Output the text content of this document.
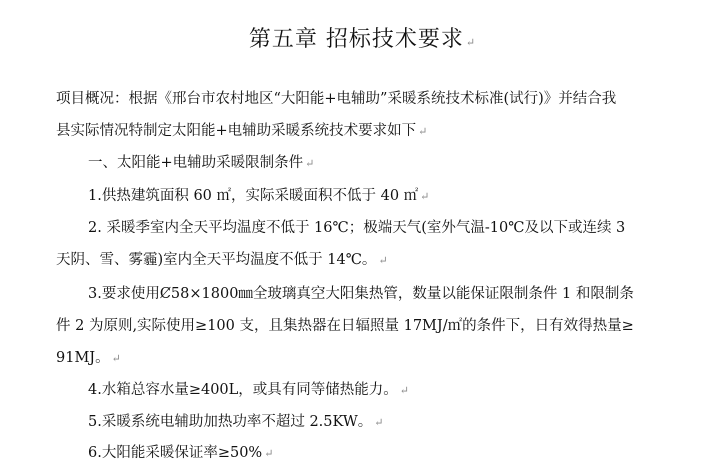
第五章 招标技术要求 ↵
项目概况：根据《邢台市农村地区“大阳能+电辅助”采暖系统技术标准(试行)》并结合我
县实际情况特制定太阳能+电辅助采暖系统技术要求如下 ↵
一、太阳能+电辅助采暖限制条件 ↵
1.供热建筑面积 60 ㎡，实际采暖面积不低于 40 ㎡ ↵
2. 采暖季室内全天平均温度不低于 16℃；极端天气(室外气温-10℃及以下或连续 3
天阴、雪、雾霾)室内全天平均温度不低于 14℃。 ↵
3.要求使用Ȼ58×1800㎜全玻璃真空大阳集热管，数量以能保证限制条件 1 和限制条
件 2 为原则,实际使用≥100 支，且集热器在日辐照量 17MJ/㎡的条件下，日有效得热量≥
91MJ。 ↵
4.水箱总容水量≥400L，或具有同等储热能力。 ↵
5.采暖系统电辅助加热功率不超过 2.5KW。 ↵
6.大阳能采暖保证率≥50% ↵
